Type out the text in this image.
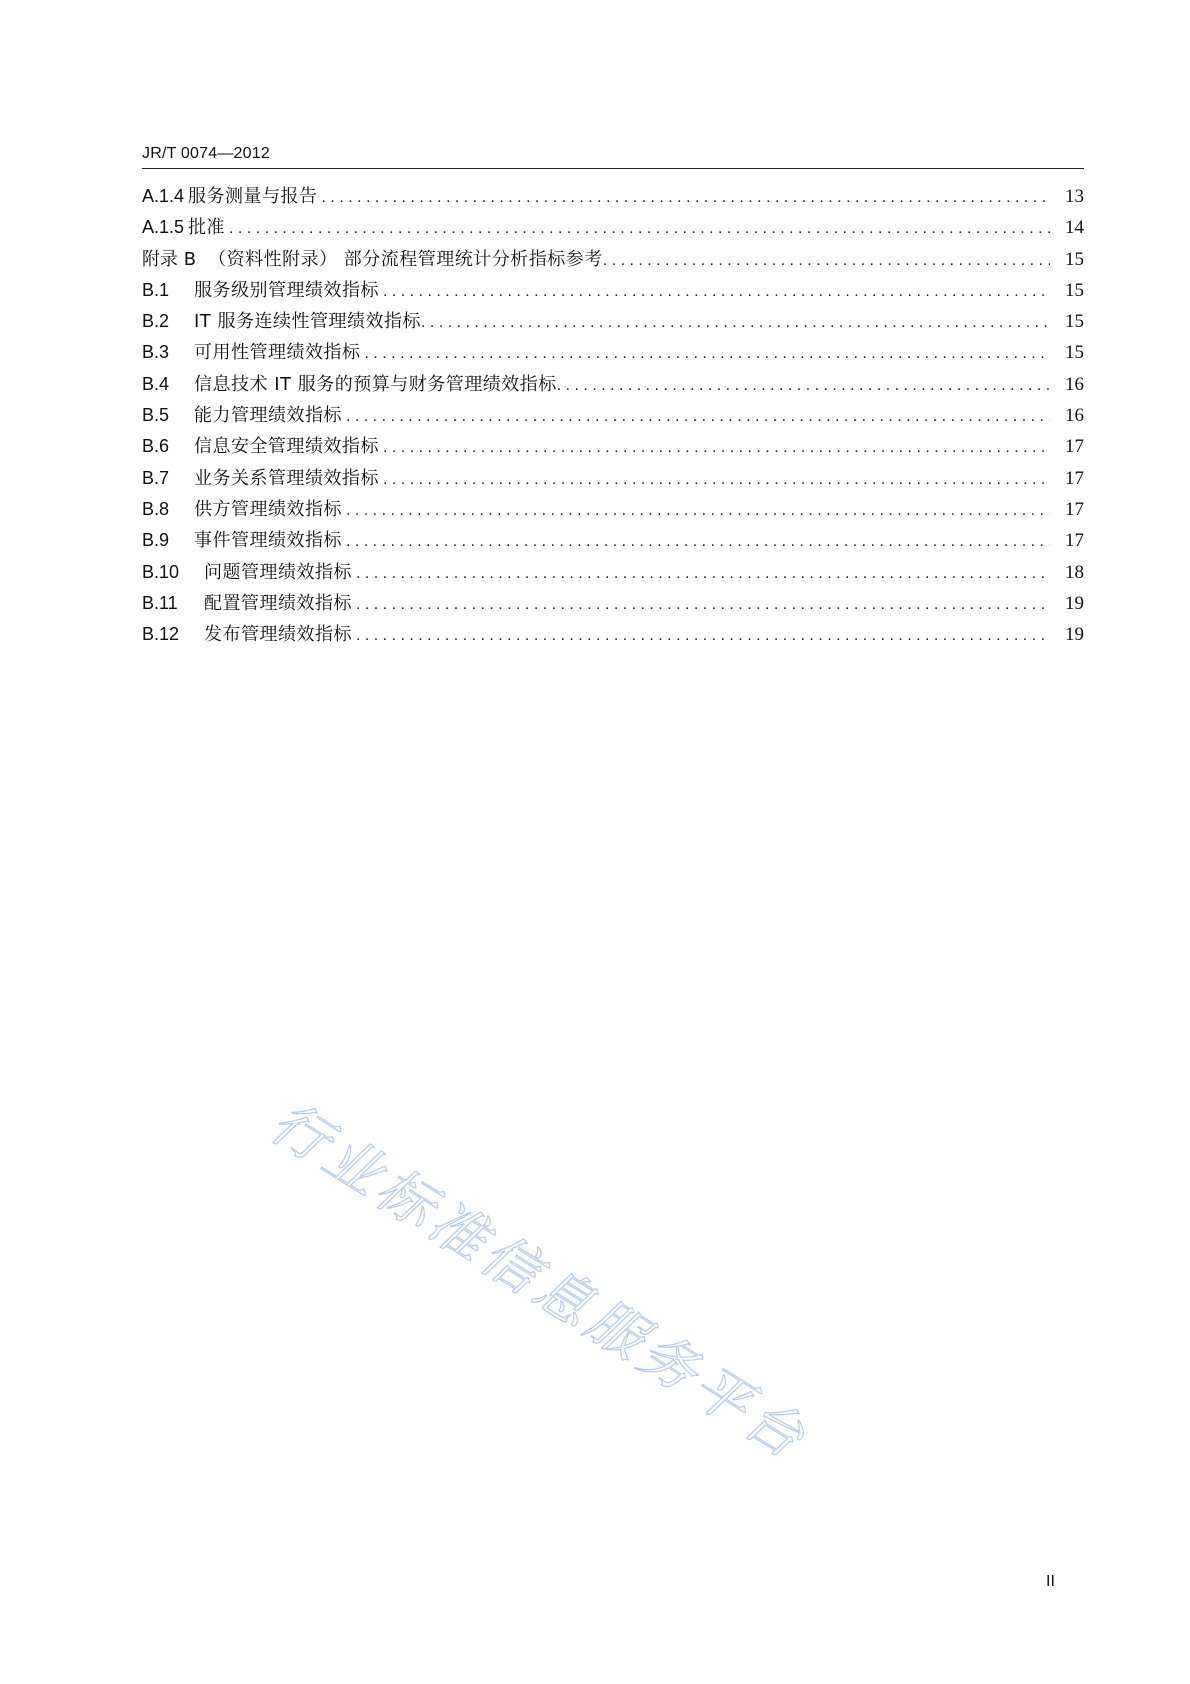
JR/T 0074—2012
A.1.4 服务测量与报告 . . .	13
A.1.5 批准 . . .	14
附录 B （资料性附录） 部分流程管理统计分析指标参考 . . .	15
B.1	服务级别管理绩效指标 . . .	15
B.2	IT 服务连续性管理绩效指标 . . .	15
B.3	可用性管理绩效指标 . . .	15
B.4	信息技术 IT 服务的预算与财务管理绩效指标 . . .	16
B.5	能力管理绩效指标 . . .	16
B.6	信息安全管理绩效指标 . . .	17
B.7	业务关系管理绩效指标 . . .	17
B.8	供方管理绩效指标 . . .	17
B.9	事件管理绩效指标 . . .	17
B.10	问题管理绩效指标 . . .	18
B.11	配置管理绩效指标 . . .	19
B.12	发布管理绩效指标 . . .	19
行业标准信息服务平台
II
